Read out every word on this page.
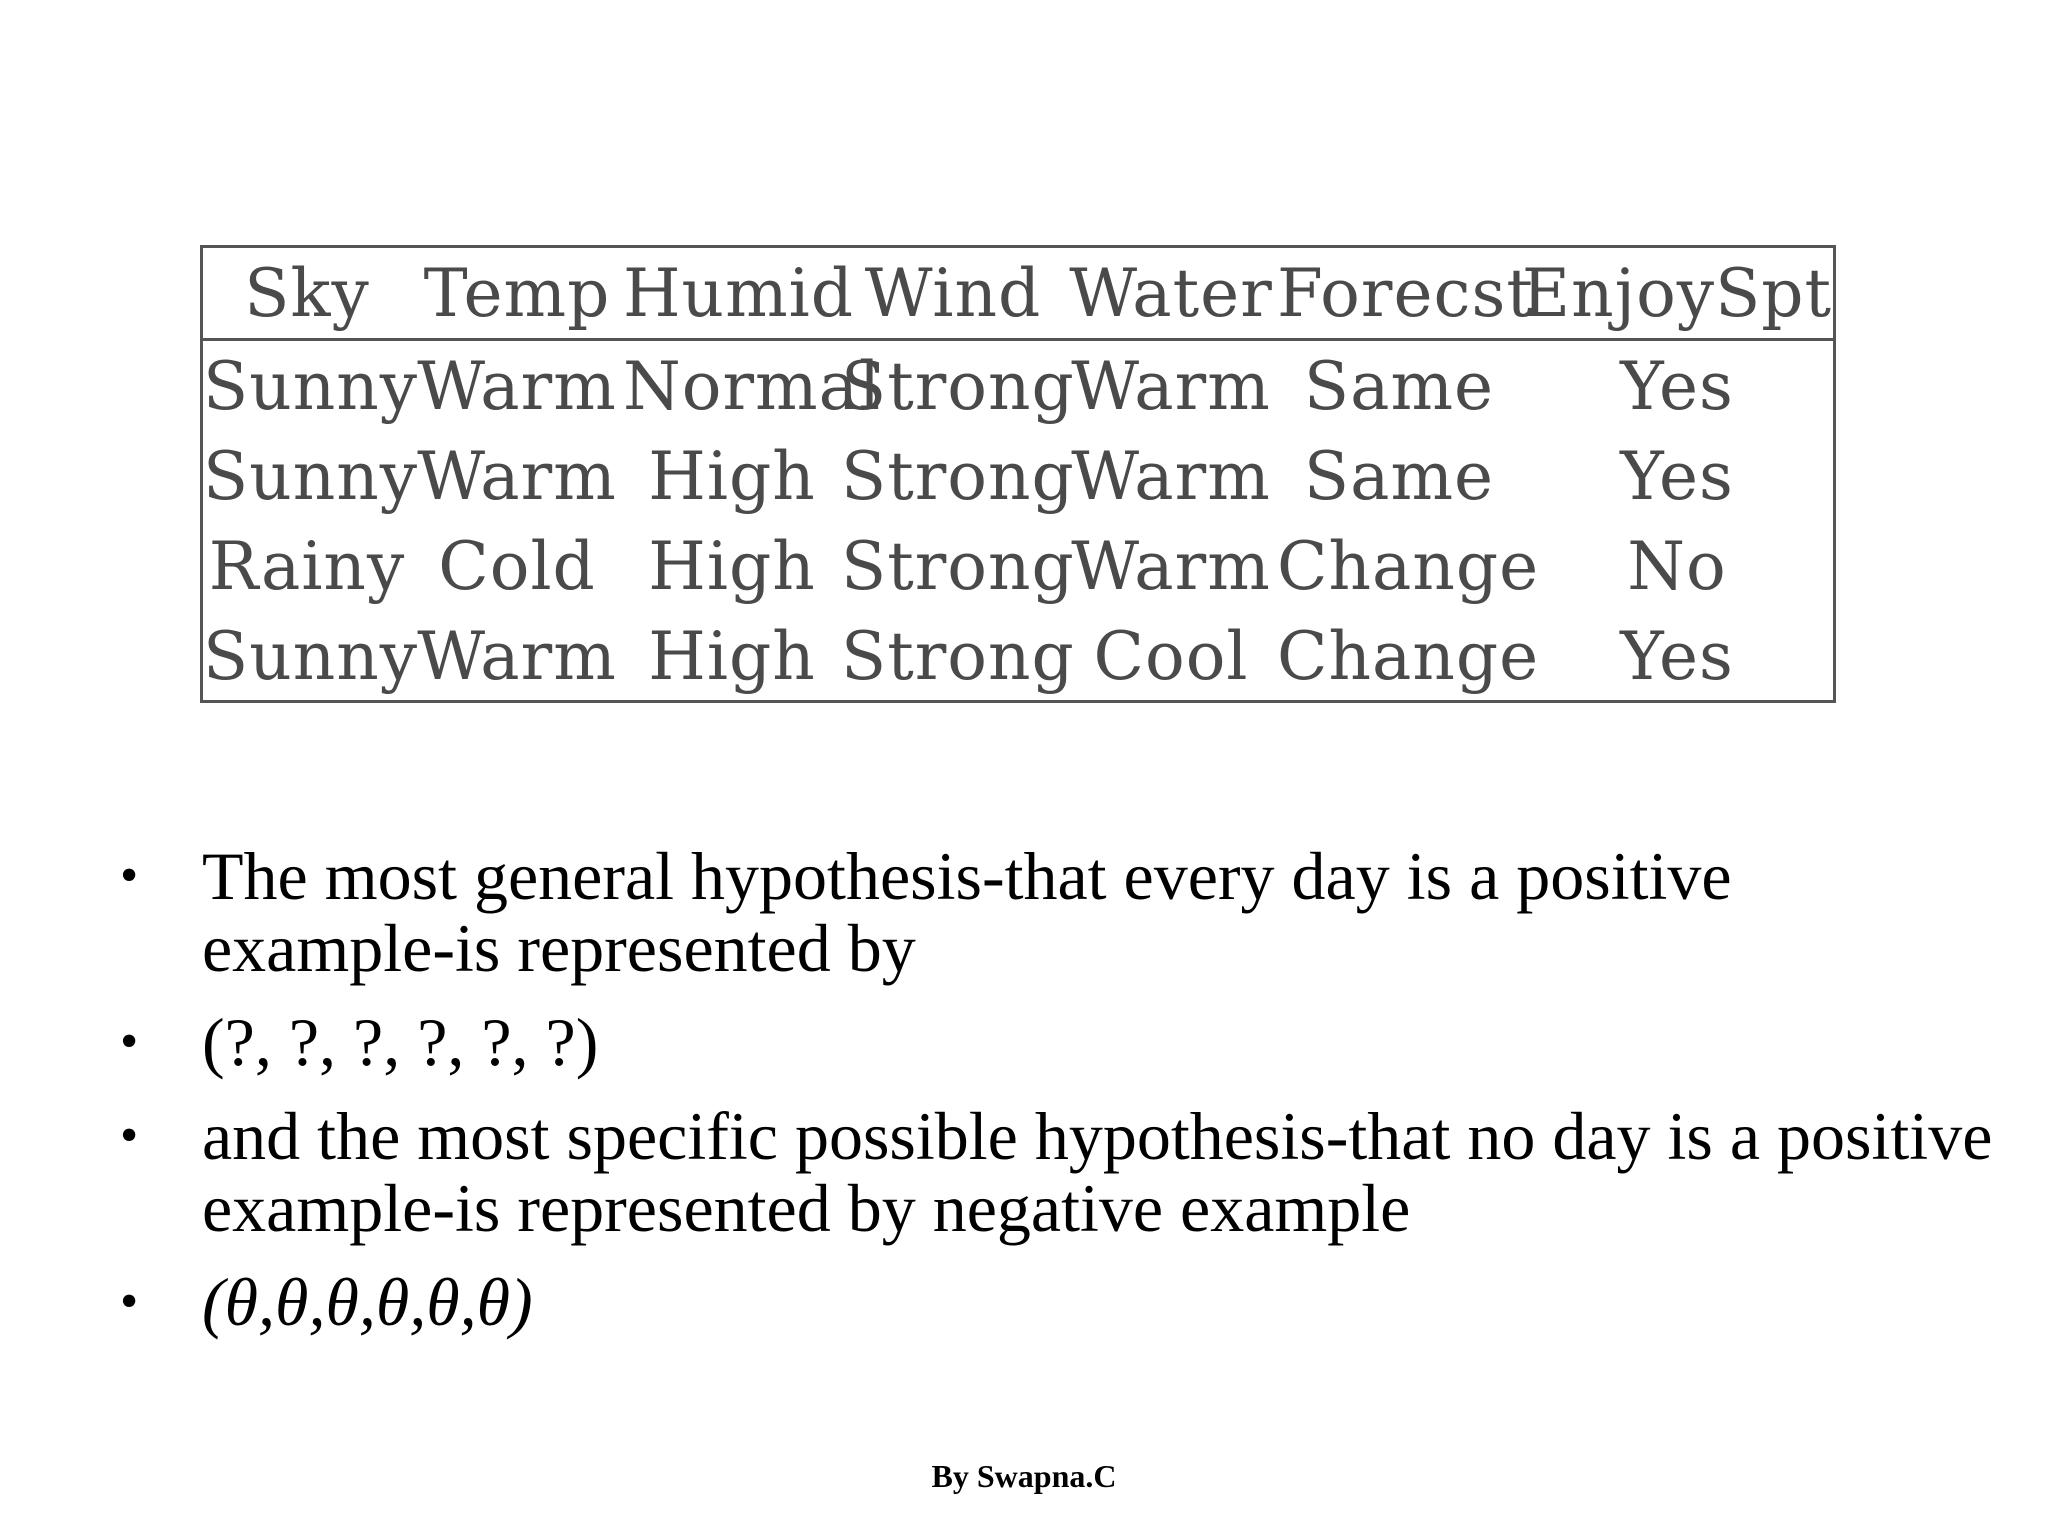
Sky	Temp	Humid	Wind	Water	Forecst	EnjoySpt
Sunny	Warm	Normal	Strong	Warm	Same	Yes
Sunny	Warm	High	Strong	Warm	Same	Yes
Rainy	Cold	High	Strong	Warm	Change	No
Sunny	Warm	High	Strong	Cool	Change	Yes
• The most general hypothesis-that every day is a positive example-is represented by
• (?, ?, ?, ?, ?, ?)
• and the most specific possible hypothesis-that no day is a positive example-is represented by negative example
• (θ,θ,θ,θ,θ,θ)
By Swapna.C
